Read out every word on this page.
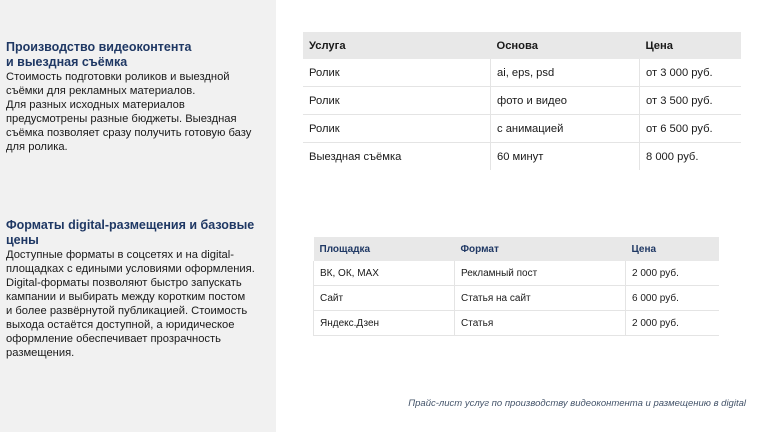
Производство видеоконтента
и выездная съёмка

Стоимость подготовки роликов и выездной
съёмки для рекламных материалов.
Для разных исходных материалов
предусмотрены разные бюджеты. Выездная
съёмка позволяет сразу получить готовую базу
для ролика.

Форматы digital-размещения и базовые
цены

Доступные форматы в соцсетях и на digital-
площадках с едиными условиями оформления.
Digital-форматы позволяют быстро запускать
кампании и выбирать между коротким постом
и более развёрнутой публикацией. Стоимость
выхода остаётся доступной, а юридическое
оформление обеспечивает прозрачность
размещения.

Услуга	Основа	Цена
Ролик	ai, eps, psd	от 3 000 руб.
Ролик	фото и видео	от 3 500 руб.
Ролик	с анимацией	от 6 500 руб.
Выездная съёмка	60 минут	8 000 руб.
Площадка	Формат	Цена
ВК, ОК, MAX	Рекламный пост	2 000 руб.
Сайт	Статья на сайт	6 000 руб.
Яндекс.Дзен	Статья	2 000 руб.
Прайс-лист услуг по производству видеоконтента и размещению в digital
